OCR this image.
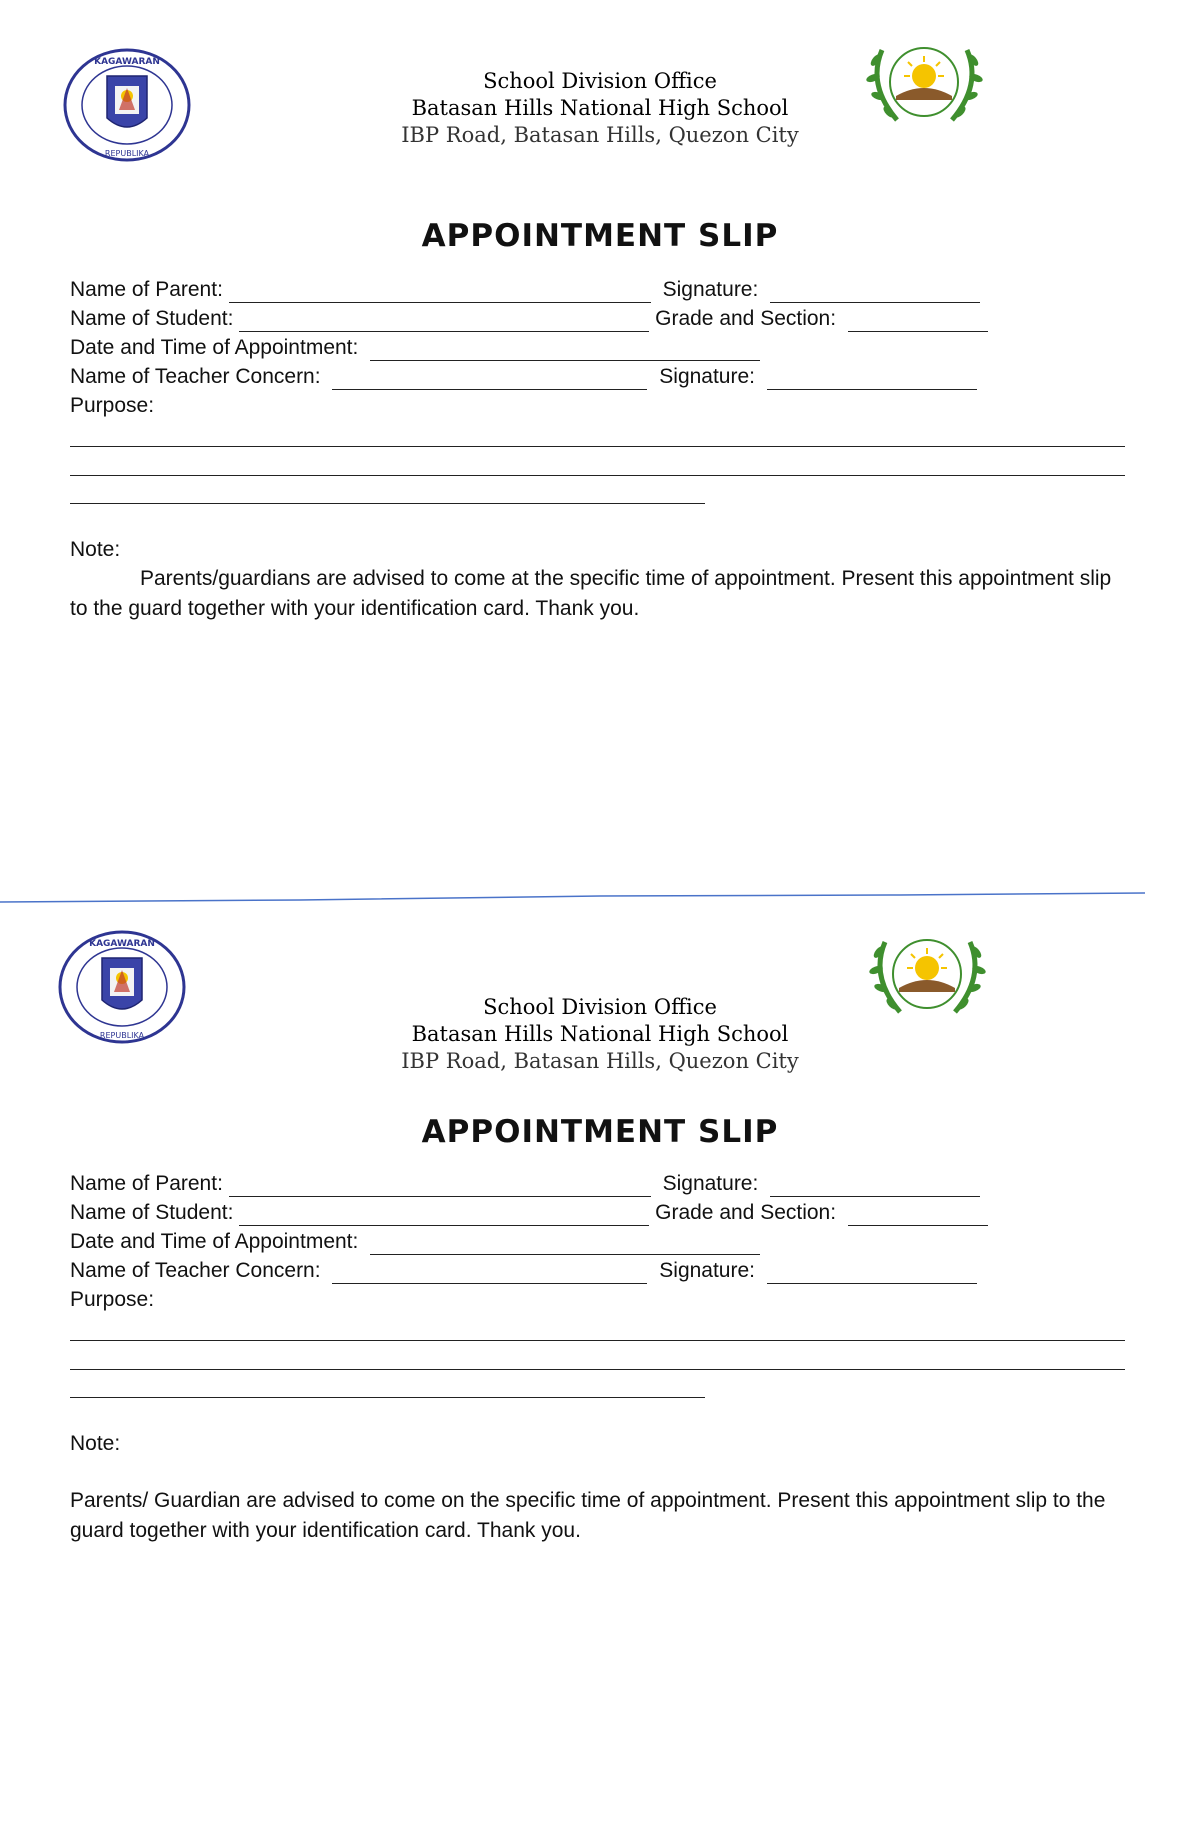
KAGAWARAN
REPUBLIKA
School Division Office
Batasan Hills National High School
IBP Road, Batasan Hills, Quezon City
APPOINTMENT SLIP
Name of Parent:	Signature:
Name of Student:	Grade and Section:
Date and Time of Appointment:
Name of Teacher Concern:	Signature:
Purpose:
Note:
Parents/guardians are advised to come at the specific time of appointment. Present this appointment slip to the guard together with your identification card. Thank you.
KAGAWARAN
REPUBLIKA
School Division Office
Batasan Hills National High School
IBP Road, Batasan Hills, Quezon City
APPOINTMENT SLIP
Name of Parent:	Signature:
Name of Student:	Grade and Section:
Date and Time of Appointment:
Name of Teacher Concern:	Signature:
Purpose:
Note:
Parents/ Guardian are advised to come on the specific time of appointment. Present this appointment slip to the guard together with your identification card. Thank you.
